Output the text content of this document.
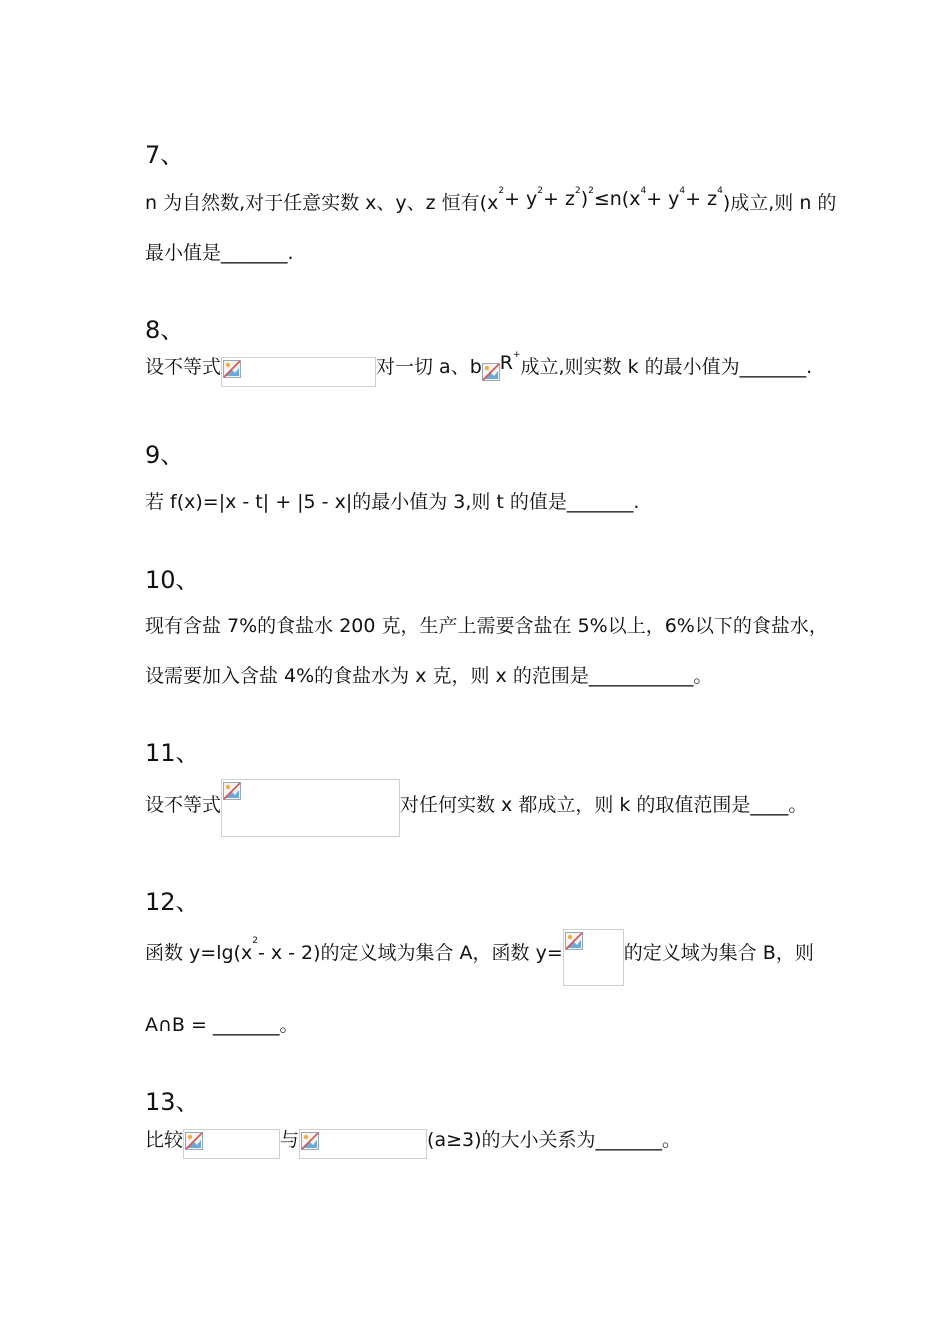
7、
n 为自然数,对于任意实数 x、y、z 恒有(x
$^2 + y^2 + z^2$ )$^2 \le n(x^4 + y^4 + z^4$
)成立,则 n 的
最小值是_______.
8、
设不等式	对一切 a、b R+
成立,则实数 k 的最小值为_______.
9、
若 f(x)=|x - t| + |5 - x|的最小值为 3,则 t 的值是_______.
10、
现有含盐 7%的食盐水 200 克，生产上需要含盐在 5%以上，6%以下的食盐水，
设需要加入含盐 4%的食盐水为 x 克，则 x 的范围是___________。
11、
设不等式	对任何实数 x 都成立，则 k 的取值范围是____。
12、
函数 y=lg(x
$^2$
- x - 2)的定义域为集合 A，函数 y=	的定义域为集合 B，则
A∩B = _______。
13、
比较	与	(a≥3)的大小关系为_______。
